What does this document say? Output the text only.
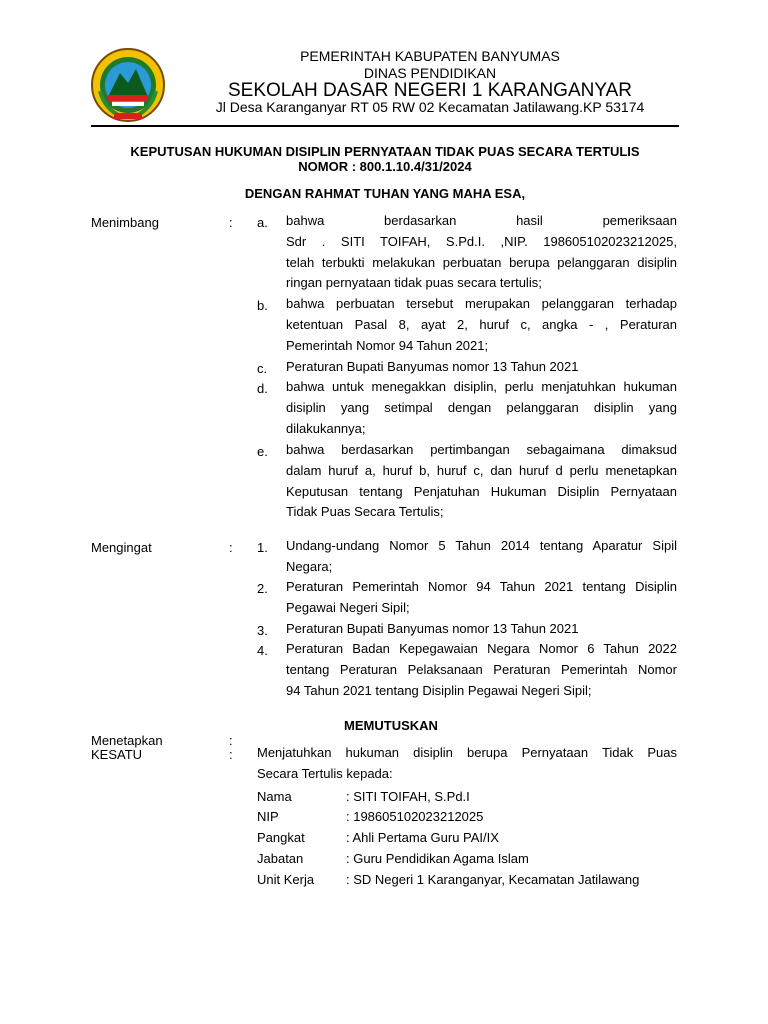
PEMERINTAH KABUPATEN BANYUMAS
DINAS PENDIDIKAN
SEKOLAH DASAR NEGERI 1 KARANGANYAR
Jl Desa Karanganyar RT 05 RW 02 Kecamatan Jatilawang.KP 53174
KEPUTUSAN HUKUMAN DISIPLIN PERNYATAAN TIDAK PUAS SECARA TERTULIS
NOMOR : 800.1.10.4/31/2024
DENGAN RAHMAT TUHAN YANG MAHA ESA,
Menimbang	: a. bahwa berdasarkan hasil pemeriksaan
Sdr . SITI TOIFAH, S.Pd.I. ,NIP. 198605102023212025,
telah terbukti melakukan perbuatan berupa pelanggaran disiplin
ringan pernyataan tidak puas secara tertulis;
b. bahwa perbuatan tersebut merupakan pelanggaran terhadap
ketentuan Pasal 8, ayat 2, huruf c, angka - , Peraturan
Pemerintah Nomor 94 Tahun 2021;
c. Peraturan Bupati Banyumas nomor 13 Tahun 2021
d. bahwa untuk menegakkan disiplin, perlu menjatuhkan hukuman
disiplin yang setimpal dengan pelanggaran disiplin yang
dilakukannya;
e. bahwa berdasarkan pertimbangan sebagaimana dimaksud
dalam huruf a, huruf b, huruf c, dan huruf d perlu menetapkan
Keputusan tentang Penjatuhan Hukuman Disiplin Pernyataan
Tidak Puas Secara Tertulis;
Mengingat	: 1. Undang-undang Nomor 5 Tahun 2014 tentang Aparatur Sipil
Negara;
2. Peraturan Pemerintah Nomor 94 Tahun 2021 tentang Disiplin
Pegawai Negeri Sipil;
3. Peraturan Bupati Banyumas nomor 13 Tahun 2021
4. Peraturan Badan Kepegawaian Negara Nomor 6 Tahun 2022
tentang Peraturan Pelaksanaan Peraturan Pemerintah Nomor
94 Tahun 2021 tentang Disiplin Pegawai Negeri Sipil;
MEMUTUSKAN
Menetapkan	:
KESATU	: Menjatuhkan hukuman disiplin berupa Pernyataan Tidak Puas
Secara Tertulis kepada:
Nama	: SITI TOIFAH, S.Pd.I
NIP	: 198605102023212025
Pangkat	: Ahli Pertama Guru PAI/IX
Jabatan	: Guru Pendidikan Agama Islam
Unit Kerja : SD Negeri 1 Karanganyar, Kecamatan Jatilawang
